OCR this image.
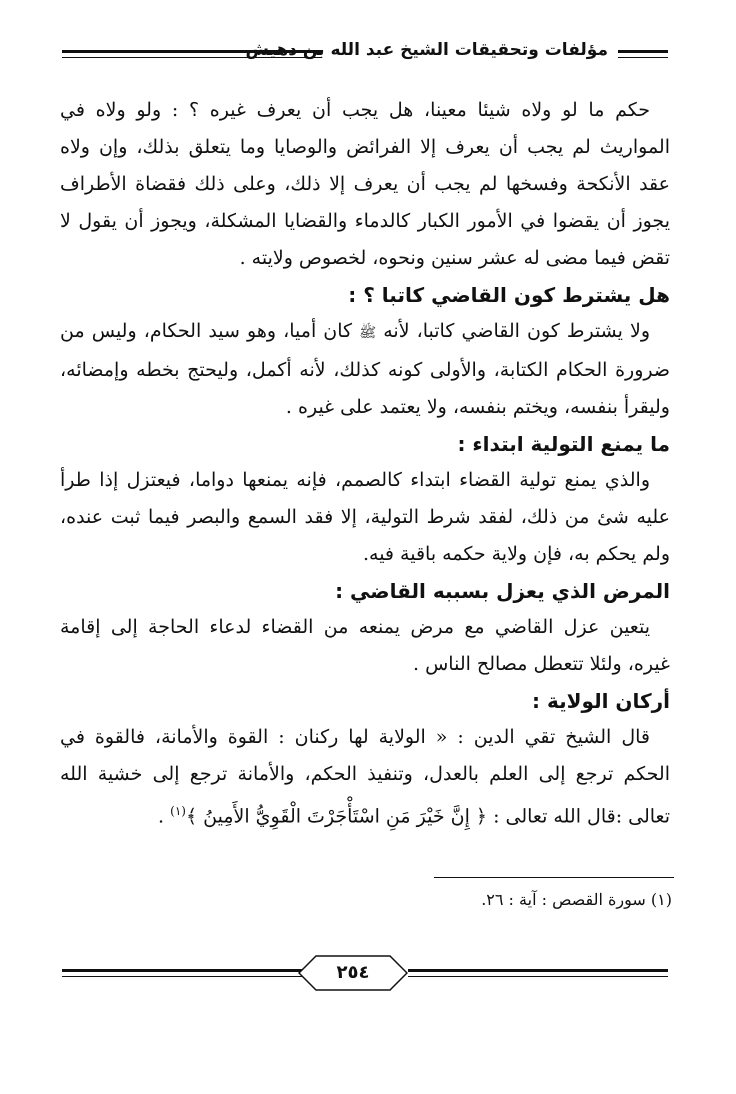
مؤلفات وتحقيقات الشيخ عبد الله بن دهيش

حكم ما لو ولاه شيئا معينا، هل يجب أن يعرف غيره ؟ : ولو ولاه في المواريث لم يجب أن يعرف إلا الفرائض والوصايا وما يتعلق بذلك، وإن ولاه عقد الأنكحة وفسخها لم يجب أن يعرف إلا ذلك، وعلى ذلك فقضاة الأطراف يجوز أن يقضوا في الأمور الكبار كالدماء والقضايا المشكلة، ويجوز أن يقول لا تقض فيما مضى له عشر سنين ونحوه، لخصوص ولايته .

هل يشترط كون القاضي كاتبا ؟ :

ولا يشترط كون القاضي كاتبا، لأنه ﷺ كان أميا، وهو سيد الحكام، وليس من ضرورة الحكام الكتابة، والأولى كونه كذلك، لأنه أكمل، وليحتج بخطه وإمضائه، وليقرأ بنفسه، ويختم بنفسه، ولا يعتمد على غيره .

ما يمنع التولية ابتداء :

والذي يمنع تولية القضاء ابتداء كالصمم، فإنه يمنعها دواما، فيعتزل إذا طرأ عليه شئ من ذلك، لفقد شرط التولية، إلا فقد السمع والبصر فيما ثبت عنده، ولم يحكم به، فإن ولاية حكمه باقية فيه.

المرض الذي يعزل بسببه القاضي :

يتعين عزل القاضي مع مرض يمنعه من القضاء لدعاء الحاجة إلى إقامة غيره، ولئلا تتعطل مصالح الناس .

أركان الولاية :

قال الشيخ تقي الدين : « الولاية لها ركنان : القوة والأمانة، فالقوة في الحكم ترجع إلى العلم بالعدل، وتنفيذ الحكم، والأمانة ترجع إلى خشية الله تعالى :قال الله تعالى : ﴿ إِنَّ خَيْرَ مَنِ اسْتَأْجَرْتَ الْقَوِيُّ الأَمِينُ ﴾$^{(١)}$ .

(١) سورة القصص : آية : ٢٦.
٢٥٤
